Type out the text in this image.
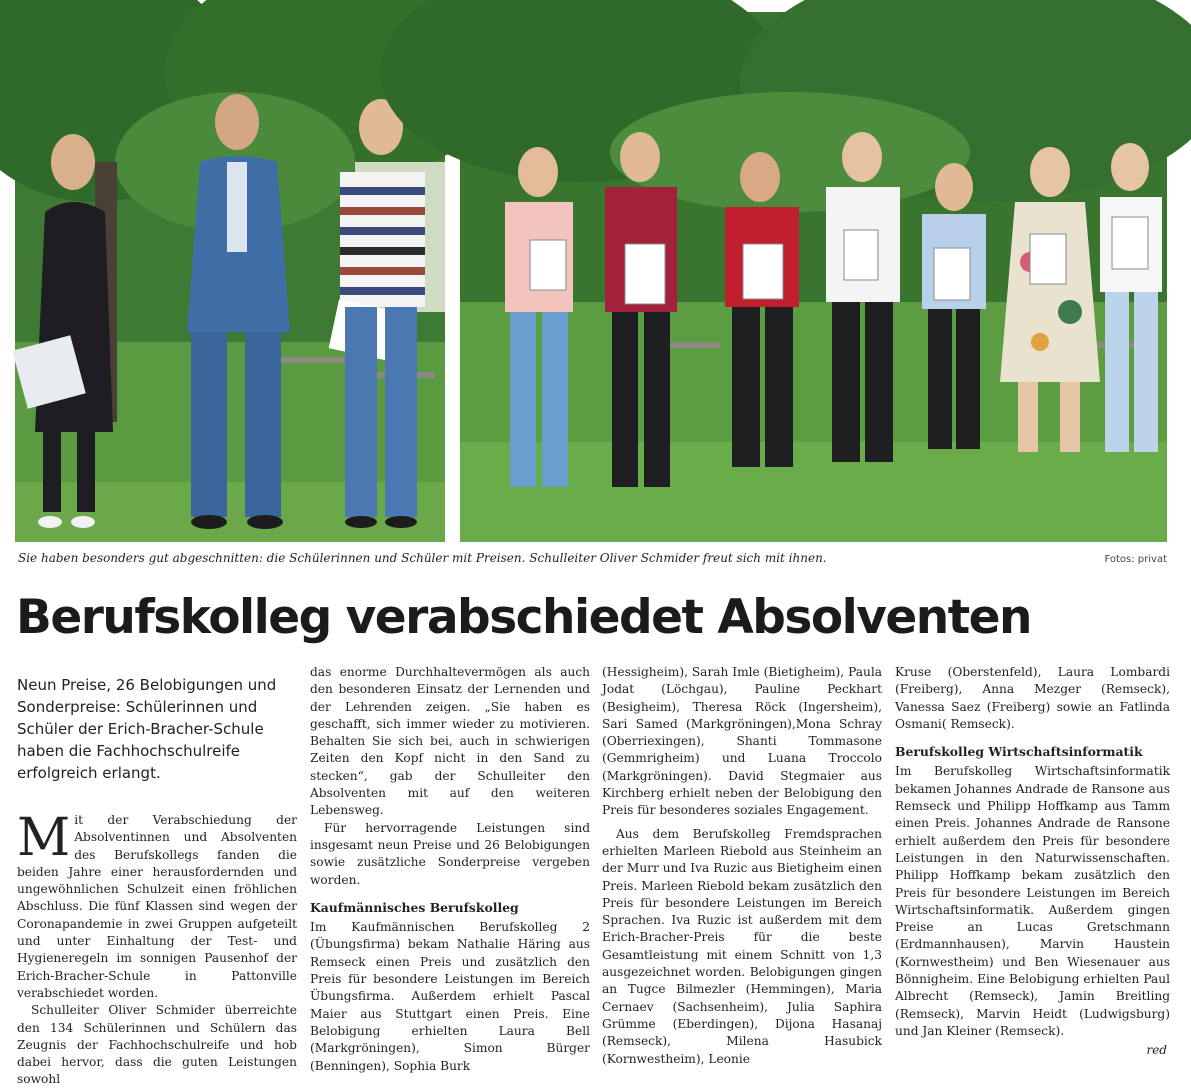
Sie haben besonders gut abgeschnitten: die Schülerinnen und Schüler mit Preisen. Schulleiter Oliver Schmider freut sich mit ihnen.	Fotos: privat
Berufskolleg verabschiedet Absolventen
Neun Preise, 26 Belobigungen und Sonderpreise: Schülerinnen und Schüler der Erich-Bracher-Schule haben die Fachhochschulreife erfolgreich erlangt.

Mit der Verabschiedung der Absolventinnen und Absolventen des Berufskollegs fanden die beiden Jahre einer herausfordernden und ungewöhnlichen Schulzeit einen fröhlichen Abschluss. Die fünf Klassen sind wegen der Coronapandemie in zwei Gruppen aufgeteilt und unter Einhaltung der Test- und Hygieneregeln im sonnigen Pausenhof der Erich-Bracher-Schule in Pattonville verabschiedet worden.

Schulleiter Oliver Schmider überreichte den 134 Schülerinnen und Schülern das Zeugnis der Fachhochschulreife und hob dabei hervor, dass die guten Leistungen sowohl

das enorme Durchhaltevermögen als auch den besonderen Einsatz der Lernenden und der Lehrenden zeigen. „Sie haben es geschafft, sich immer wieder zu motivieren. Behalten Sie sich bei, auch in schwierigen Zeiten den Kopf nicht in den Sand zu stecken“, gab der Schulleiter den Absolventen mit auf den weiteren Lebensweg.

Für hervorragende Leistungen sind insgesamt neun Preise und 26 Belobigungen sowie zusätzliche Sonderpreise vergeben worden.

Kaufmännisches Berufskolleg

Im Kaufmännischen Berufskolleg 2 (Übungsfirma) bekam Nathalie Häring aus Remseck einen Preis und zusätzlich den Preis für besondere Leistungen im Bereich Übungsfirma. Außerdem erhielt Pascal Maier aus Stuttgart einen Preis. Eine Belobigung erhielten Laura Bell (Markgröningen), Simon Bürger (Benningen), Sophia Burk

(Hessigheim), Sarah Imle (Bietigheim), Paula Jodat (Löchgau), Pauline Peckhart (Besigheim), Theresa Röck (Ingersheim), Sari Samed (Markgröningen),Mona Schray (Oberriexingen), Shanti Tommasone (Gemmrigheim) und Luana Troccolo (Markgröningen). David Stegmaier aus Kirchberg erhielt neben der Belobigung den Preis für besonderes soziales Engagement.

Aus dem Berufskolleg Fremdsprachen erhielten Marleen Riebold aus Steinheim an der Murr und Iva Ruzic aus Bietigheim einen Preis. Marleen Riebold bekam zusätzlich den Preis für besondere Leistungen im Bereich Sprachen. Iva Ruzic ist außerdem mit dem Erich-Bracher-Preis für die beste Gesamtleistung mit einem Schnitt von 1,3 ausgezeichnet worden. Belobigungen gingen an Tugce Bilmezler (Hemmingen), Maria Cernaev (Sachsenheim), Julia Saphira Grümme (Eberdingen), Dijona Hasanaj (Remseck), Milena Hasubick (Kornwestheim), Leonie

Kruse (Oberstenfeld), Laura Lombardi (Freiberg), Anna Mezger (Remseck), Vanessa Saez (Freiberg) sowie an Fatlinda Osmani( Remseck).

Berufskolleg Wirtschaftsinformatik

Im Berufskolleg Wirtschaftsinformatik bekamen Johannes Andrade de Ransone aus Remseck und Philipp Hoffkamp aus Tamm einen Preis. Johannes Andrade de Ransone erhielt außerdem den Preis für besondere Leistungen in den Naturwissenschaften. Philipp Hoffkamp bekam zusätzlich den Preis für besondere Leistungen im Bereich Wirtschaftsinformatik. Außerdem gingen Preise an Lucas Gretschmann (Erdmannhausen), Marvin Haustein (Kornwestheim) und Ben Wiesenauer aus Bönnigheim. Eine Belobigung erhielten Paul Albrecht (Remseck), Jamin Breitling (Remseck), Marvin Heidt (Ludwigsburg) und Jan Kleiner (Remseck).

red
